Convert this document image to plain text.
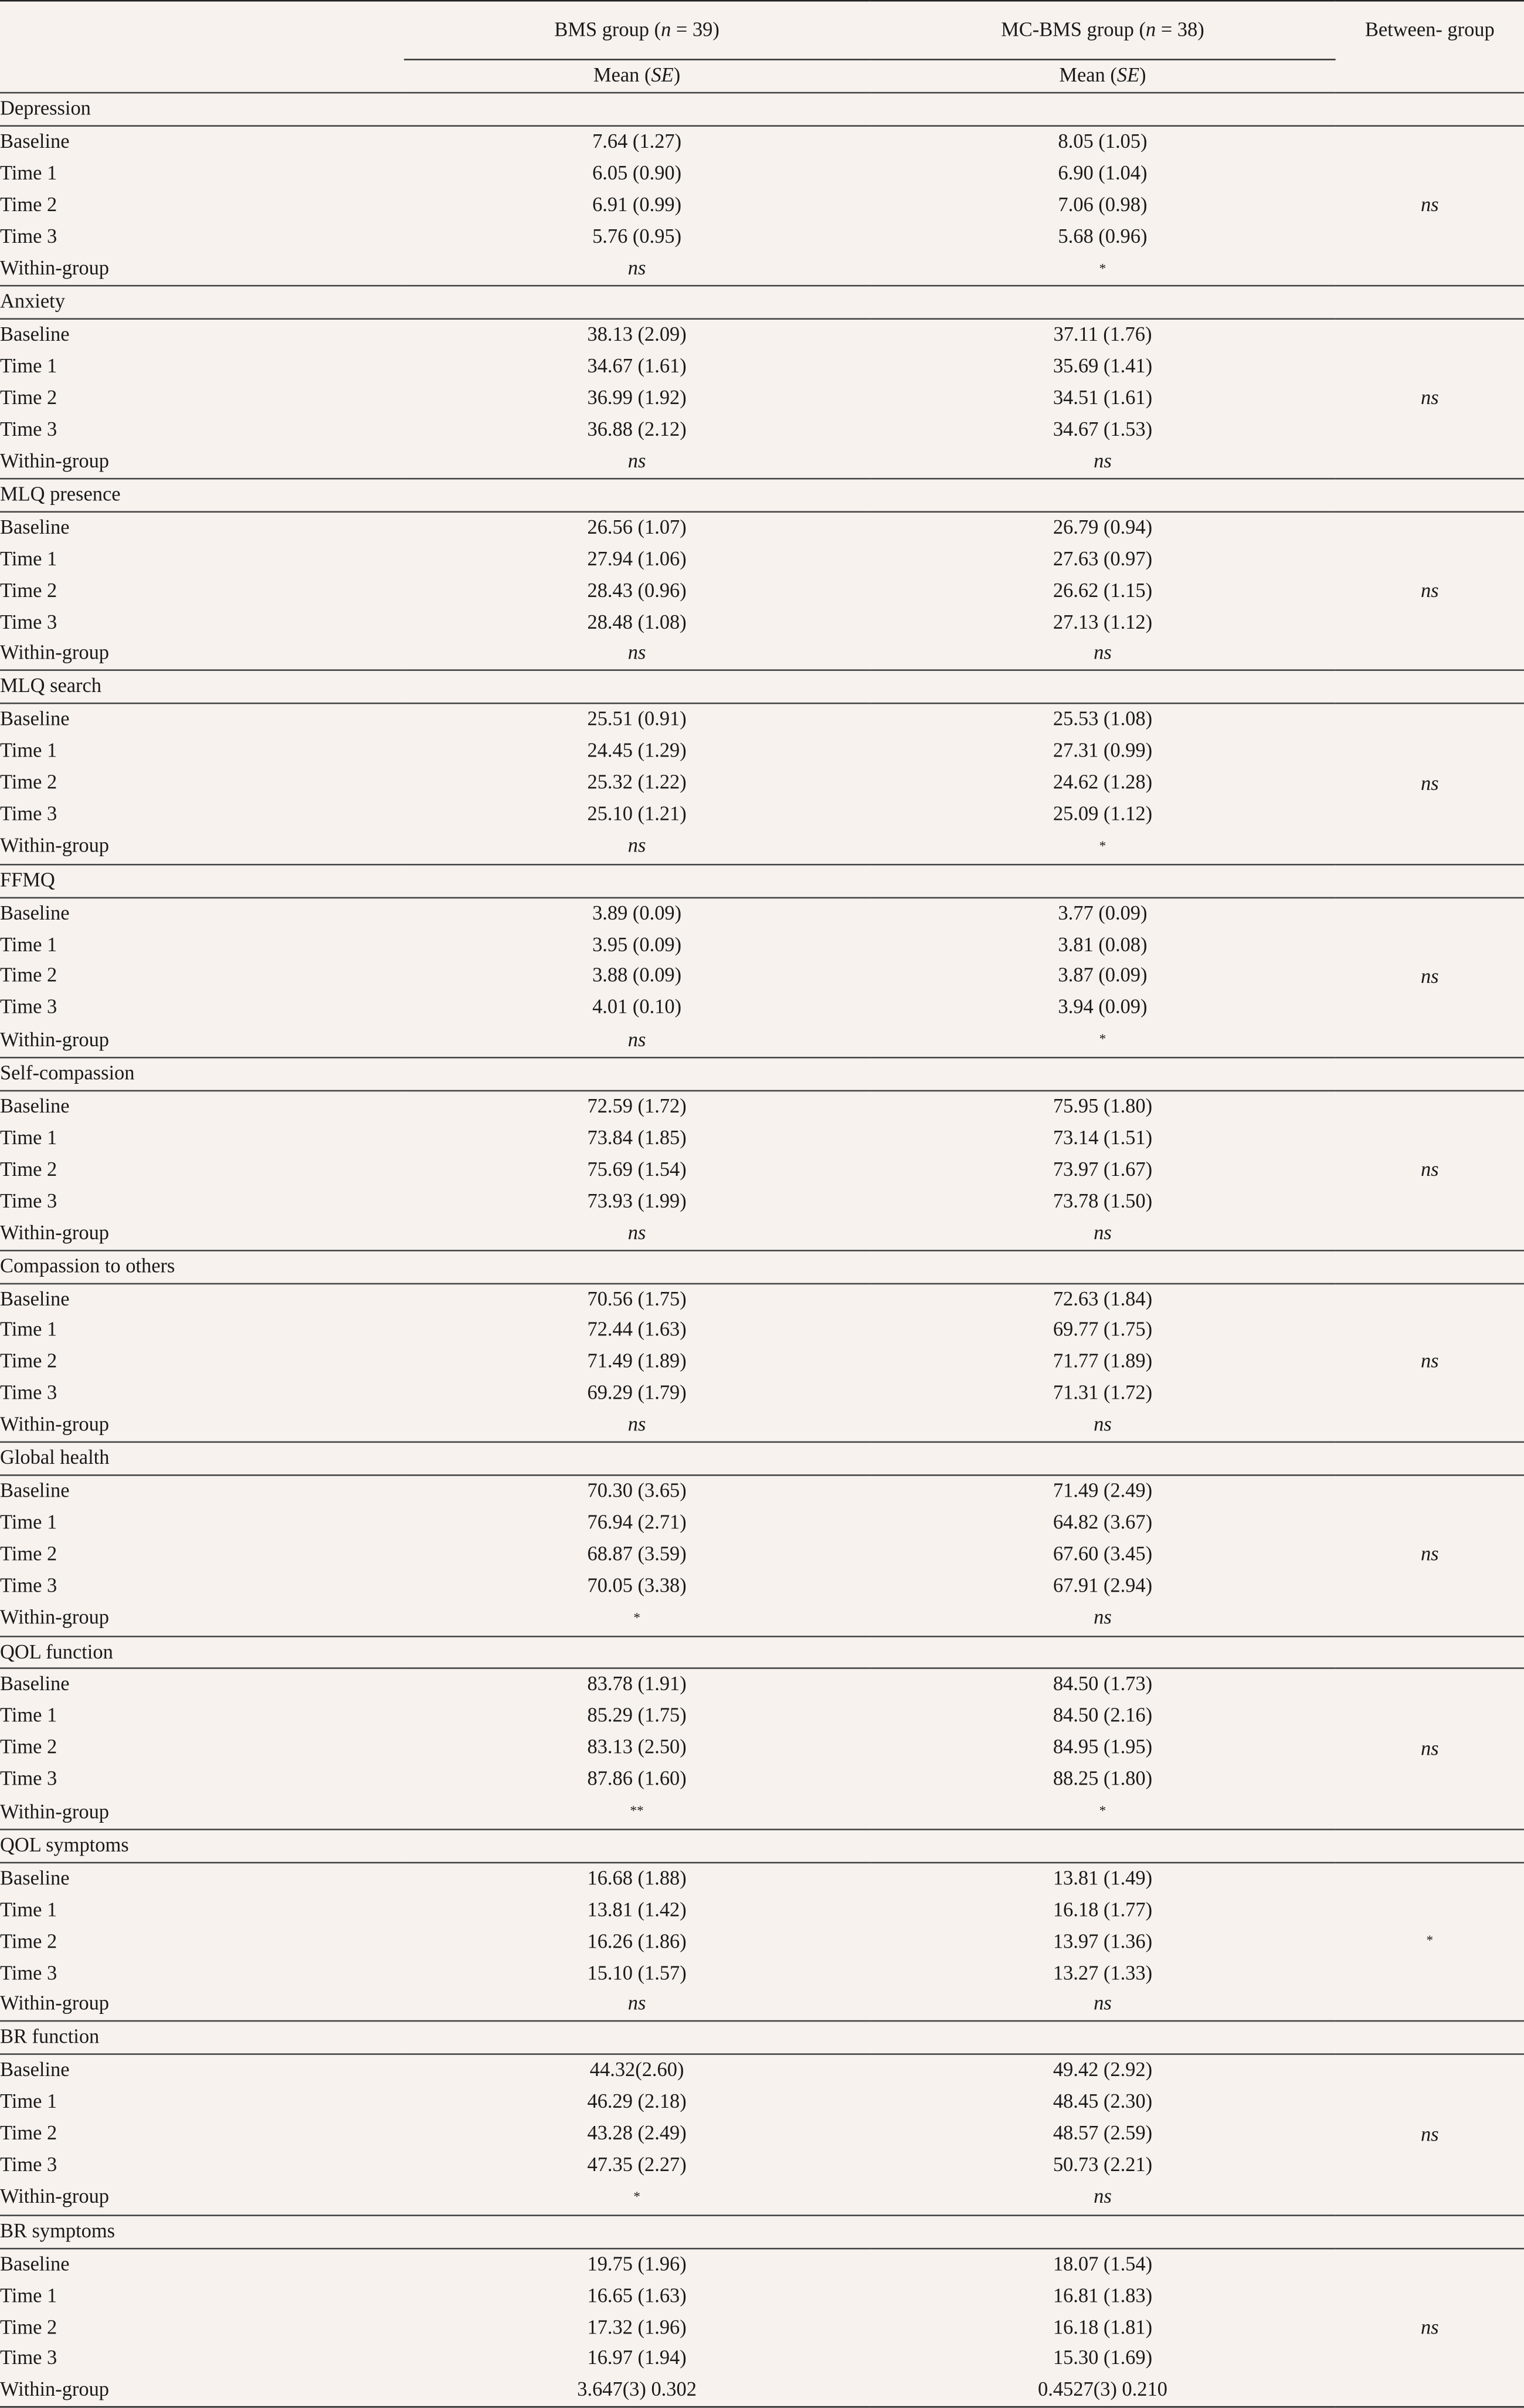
	BMS group (n = 39)	MC-BMS group (n = 38)	Between- group
	Mean (SE)	Mean (SE)	
Depression			
Baseline	7.64 (1.27)	8.05 (1.05)	ns
Time 1	6.05 (0.90)	6.90 (1.04)	
Time 2	6.91 (0.99)	7.06 (0.98)	
Time 3	5.76 (0.95)	5.68 (0.96)	
Within-group	ns	*	
Anxiety			
Baseline	38.13 (2.09)	37.11 (1.76)	ns
Time 1	34.67 (1.61)	35.69 (1.41)	
Time 2	36.99 (1.92)	34.51 (1.61)	
Time 3	36.88 (2.12)	34.67 (1.53)	
Within-group	ns	ns	
MLQ presence			
Baseline	26.56 (1.07)	26.79 (0.94)	ns
Time 1	27.94 (1.06)	27.63 (0.97)	
Time 2	28.43 (0.96)	26.62 (1.15)	
Time 3	28.48 (1.08)	27.13 (1.12)	
Within-group	ns	ns	
MLQ search			
Baseline	25.51 (0.91)	25.53 (1.08)	ns
Time 1	24.45 (1.29)	27.31 (0.99)	
Time 2	25.32 (1.22)	24.62 (1.28)	
Time 3	25.10 (1.21)	25.09 (1.12)	
Within-group	ns	*	
FFMQ			
Baseline	3.89 (0.09)	3.77 (0.09)	ns
Time 1	3.95 (0.09)	3.81 (0.08)	
Time 2	3.88 (0.09)	3.87 (0.09)	
Time 3	4.01 (0.10)	3.94 (0.09)	
Within-group	ns	*	
Self-compassion			
Baseline	72.59 (1.72)	75.95 (1.80)	ns
Time 1	73.84 (1.85)	73.14 (1.51)	
Time 2	75.69 (1.54)	73.97 (1.67)	
Time 3	73.93 (1.99)	73.78 (1.50)	
Within-group	ns	ns	
Compassion to others			
Baseline	70.56 (1.75)	72.63 (1.84)	ns
Time 1	72.44 (1.63)	69.77 (1.75)	
Time 2	71.49 (1.89)	71.77 (1.89)	
Time 3	69.29 (1.79)	71.31 (1.72)	
Within-group	ns	ns	
Global health			
Baseline	70.30 (3.65)	71.49 (2.49)	ns
Time 1	76.94 (2.71)	64.82 (3.67)	
Time 2	68.87 (3.59)	67.60 (3.45)	
Time 3	70.05 (3.38)	67.91 (2.94)	
Within-group	*	ns	
QOL function			
Baseline	83.78 (1.91)	84.50 (1.73)	ns
Time 1	85.29 (1.75)	84.50 (2.16)	
Time 2	83.13 (2.50)	84.95 (1.95)	
Time 3	87.86 (1.60)	88.25 (1.80)	
Within-group	**	*	
QOL symptoms			
Baseline	16.68 (1.88)	13.81 (1.49)	*
Time 1	13.81 (1.42)	16.18 (1.77)	
Time 2	16.26 (1.86)	13.97 (1.36)	
Time 3	15.10 (1.57)	13.27 (1.33)	
Within-group	ns	ns	
BR function			
Baseline	44.32(2.60)	49.42 (2.92)	ns
Time 1	46.29 (2.18)	48.45 (2.30)	
Time 2	43.28 (2.49)	48.57 (2.59)	
Time 3	47.35 (2.27)	50.73 (2.21)	
Within-group	*	ns	
BR symptoms			
Baseline	19.75 (1.96)	18.07 (1.54)	ns
Time 1	16.65 (1.63)	16.81 (1.83)	
Time 2	17.32 (1.96)	16.18 (1.81)	
Time 3	16.97 (1.94)	15.30 (1.69)	
Within-group	3.647(3) 0.302	0.4527(3) 0.210	
